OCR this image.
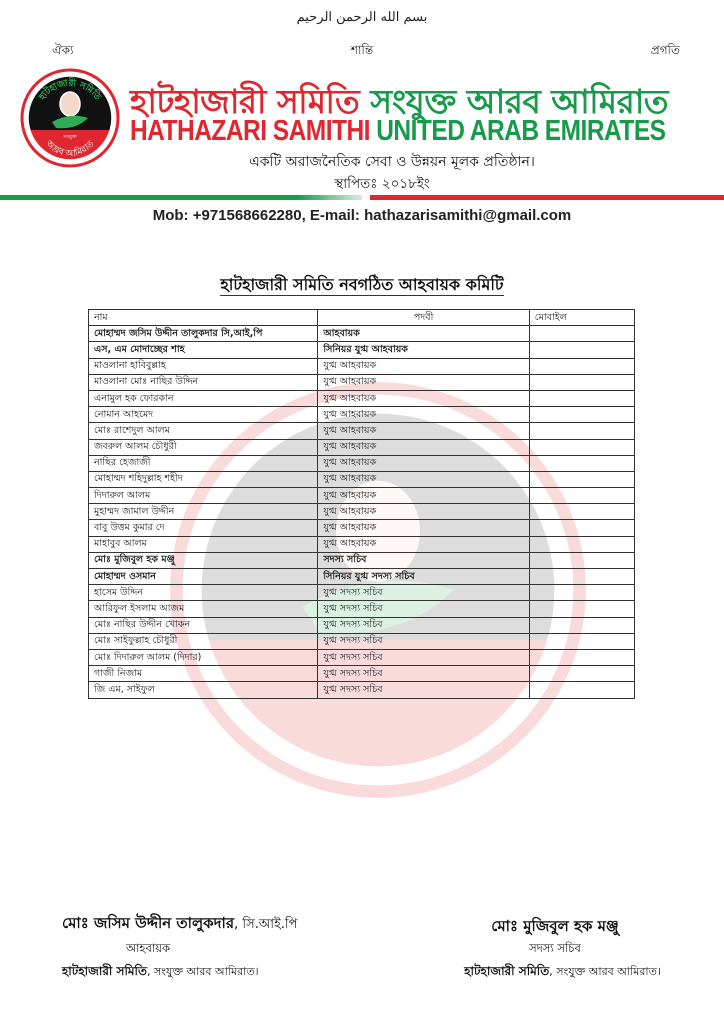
بسم الله الرحمن الرحيم
ঐক্য	শান্তি	প্রগতি
হাটহাজারী সমিতি
সংযুক্ত
আরব আমিরাত
হাটহাজারী সমিতি সংযুক্ত আরব আমিরাত
HATHAZARI SAMITHI UNITED ARAB EMIRATES
একটি অরাজনৈতিক সেবা ও উন্নয়ন মূলক প্রতিষ্ঠান।
স্থাপিতঃ ২০১৮ইং
Mob: +971568662280, E-mail: hathazarisamithi@gmail.com
হাটহাজারী সমিতি নবগঠিত আহবায়ক কমিটি
নাম	পদবী	মোবাইল
মোহাম্মদ জসিম উদ্দীন তালুকদার সি,আই,পি	আহবায়ক	
এস, এম মোদাচ্ছের শাহ	সিনিয়র যুগ্ম আহবায়ক	
মাওলানা হাবিবুল্লাহ	যুগ্ম আহবায়ক	
মাওলানা মোঃ নাছির উদ্দিন	যুগ্ম আহবায়ক	
এনামুল হক ফোরকান	যুগ্ম আহবায়ক	
নোমান আহমেদ	যুগ্ম আহবায়ক	
মোঃ রাশেদুল আলম	যুগ্ম আহবায়ক	
জবরুল আলম চৌধুরী	যুগ্ম আহবায়ক	
নাছির হেজাজী	যুগ্ম আহবায়ক	
মোহাম্মদ শহিদুল্লাহ শহীদ	যুগ্ম আহবায়ক	
দিদারুল আলম	যুগ্ম আহবায়ক	
মুহাম্মদ জামাল উদ্দীন	যুগ্ম আহবায়ক	
বাবু উত্তম কুমার দে	যুগ্ম আহবায়ক	
মাহাবুব আলম	যুগ্ম আহবায়ক	
মোঃ মুজিবুল হক মঞ্জু	সদস্য সচিব	
মোহাম্মদ ওসমান	সিনিয়র যুগ্ম সদস্য সচিব	
হাসেম উদ্দিন	যুগ্ম সদস্য সচিব	
আরিফুল ইসলাম আজম	যুগ্ম সদস্য সচিব	
মোঃ নাছির উদ্দীন খোকন	যুগ্ম সদস্য সচিব	
মোঃ সাইফুল্লাহ চৌধুরী	যুগ্ম সদস্য সচিব	
মোঃ দিদারুল আলম (দিদার)	যুগ্ম সদস্য সচিব	
গাজী নিজাম	যুগ্ম সদস্য সচিব	
জি এম, সাইফুল	যুগ্ম সদস্য সচিব	
মোঃ জসিম উদ্দীন তালুকদার, সি.আই.পি
আহবায়ক
হাটহাজারী সমিতি, সংযুক্ত আরব আমিরাত।
মোঃ মুজিবুল হক মঞ্জু
সদস্য সচিব
হাটহাজারী সমিতি, সংযুক্ত আরব আমিরাত।
